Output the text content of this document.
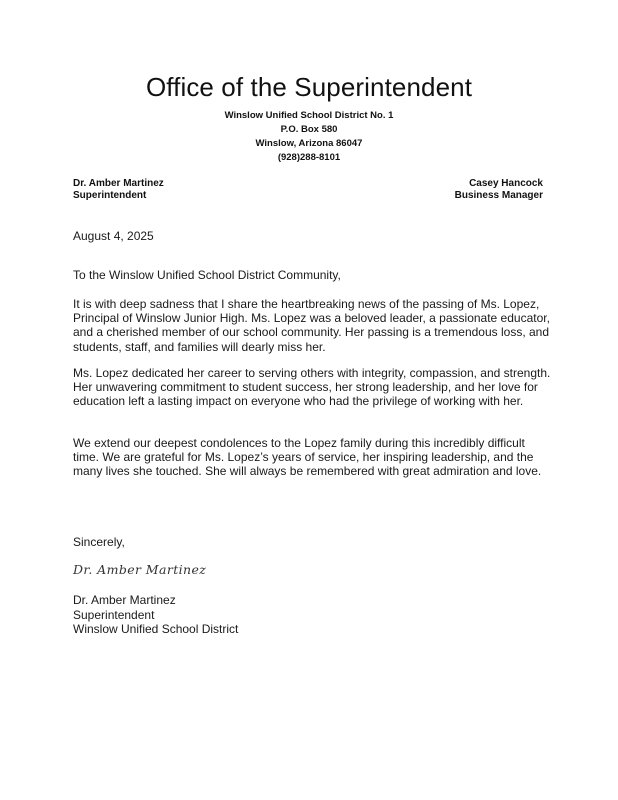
Office of the Superintendent
Winslow Unified School District No. 1
P.O. Box 580
Winslow, Arizona 86047
(928)288-8101
Dr. Amber Martinez
Superintendent
Casey Hancock
Business Manager
August 4, 2025
To the Winslow Unified School District Community,
It is with deep sadness that I share the heartbreaking news of the passing of Ms. Lopez, Principal of Winslow Junior High. Ms. Lopez was a beloved leader, a passionate educator, and a cherished member of our school community. Her passing is a tremendous loss, and students, staff, and families will dearly miss her.
Ms. Lopez dedicated her career to serving others with integrity, compassion, and strength. Her unwavering commitment to student success, her strong leadership, and her love for education left a lasting impact on everyone who had the privilege of working with her.
We extend our deepest condolences to the Lopez family during this incredibly difficult time. We are grateful for Ms. Lopez’s years of service, her inspiring leadership, and the many lives she touched. She will always be remembered with great admiration and love.
Sincerely,
Dr. Amber Martinez
Dr. Amber Martinez
Superintendent
Winslow Unified School District
